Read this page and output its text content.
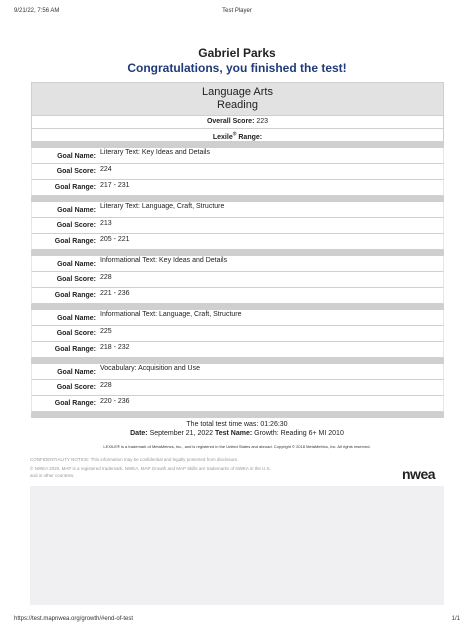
9/21/22, 7:56 AM	Test Player
Gabriel Parks
Congratulations, you finished the test!
Language Arts
Reading
Overall Score: 223
Lexile® Range:
Goal Name:
Literary Text: Key Ideas and Details
Goal Score: 224
Goal Range: 217 - 231
Goal Name:
Literary Text: Language, Craft, Structure
Goal Score: 213
Goal Range: 205 - 221
Goal Name:
Informational Text: Key Ideas and Details
Goal Score: 228
Goal Range: 221 - 236
Goal Name:
Informational Text: Language, Craft, Structure
Goal Score: 225
Goal Range: 218 - 232
Goal Name:
Vocabulary: Acquisition and Use
Goal Score: 228
Goal Range: 220 - 236
The total test time was: 01:26:30
Date: September 21, 2022 Test Name: Growth: Reading 6+ MI 2010
LEXILE® is a trademark of MetaMetrics, Inc., and is registered in the United States and abroad. Copyright © 2018 MetaMetrics, Inc. All rights reserved.
CONFIDENTIALITY NOTICE: This information may be confidential and legally protected from disclosure.
© NWEA 2020. MAP is a registered trademark. NWEA, MAP Growth and MAP Skills are trademarks of NWEA in the U.S.
and in other countries.	nwea
https://test.mapnwea.org/growth/#end-of-test	1/1
